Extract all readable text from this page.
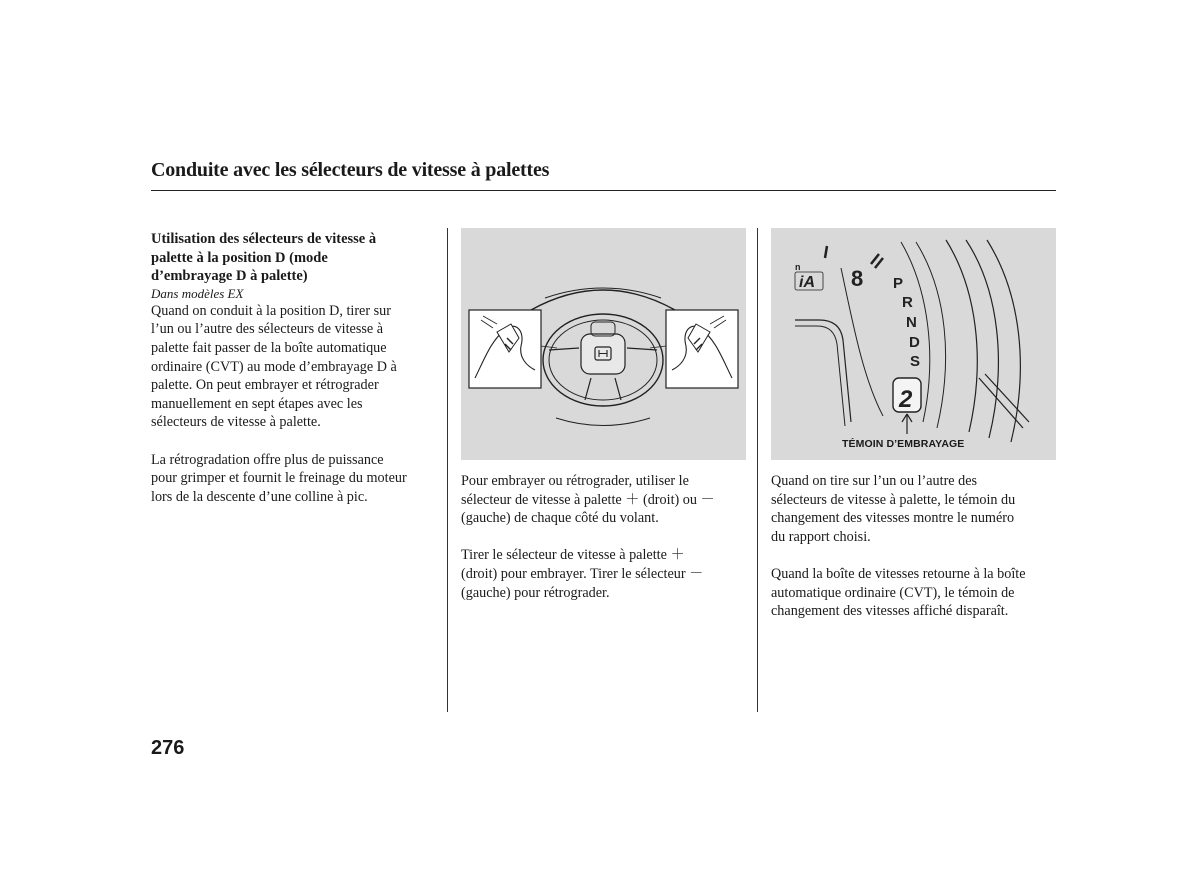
Conduite avec les sélecteurs de vitesse à palettes
Utilisation des sélecteurs de vitesse à
palette à la position D (mode
d’embrayage D à palette)
Dans modèles EX
Quand on conduit à la position D, tirer sur
l’un ou l’autre des sélecteurs de vitesse à
palette fait passer de la boîte automatique
ordinaire (CVT) au mode d’embrayage D à
palette. On peut embrayer et rétrograder
manuellement en sept étapes avec les
sélecteurs de vitesse à palette.
La rétrogradation offre plus de puissance
pour grimper et fournit le freinage du moteur
lors de la descente d’une colline à pic.
Pour embrayer ou rétrograder, utiliser le
sélecteur de vitesse à palette ＋ (droit) ou －
(gauche) de chaque côté du volant.
Tirer le sélecteur de vitesse à palette ＋
(droit) pour embrayer. Tirer le sélecteur －
(gauche) pour rétrograder.
n
iA 8 P
R
N
D
S
2
TÉMOIN D’EMBRAYAGE
Quand on tire sur l’un ou l’autre des
sélecteurs de vitesse à palette, le témoin du
changement des vitesses montre le numéro
du rapport choisi.
Quand la boîte de vitesses retourne à la boîte
automatique ordinaire (CVT), le témoin de
changement des vitesses affiché disparaît.
276
